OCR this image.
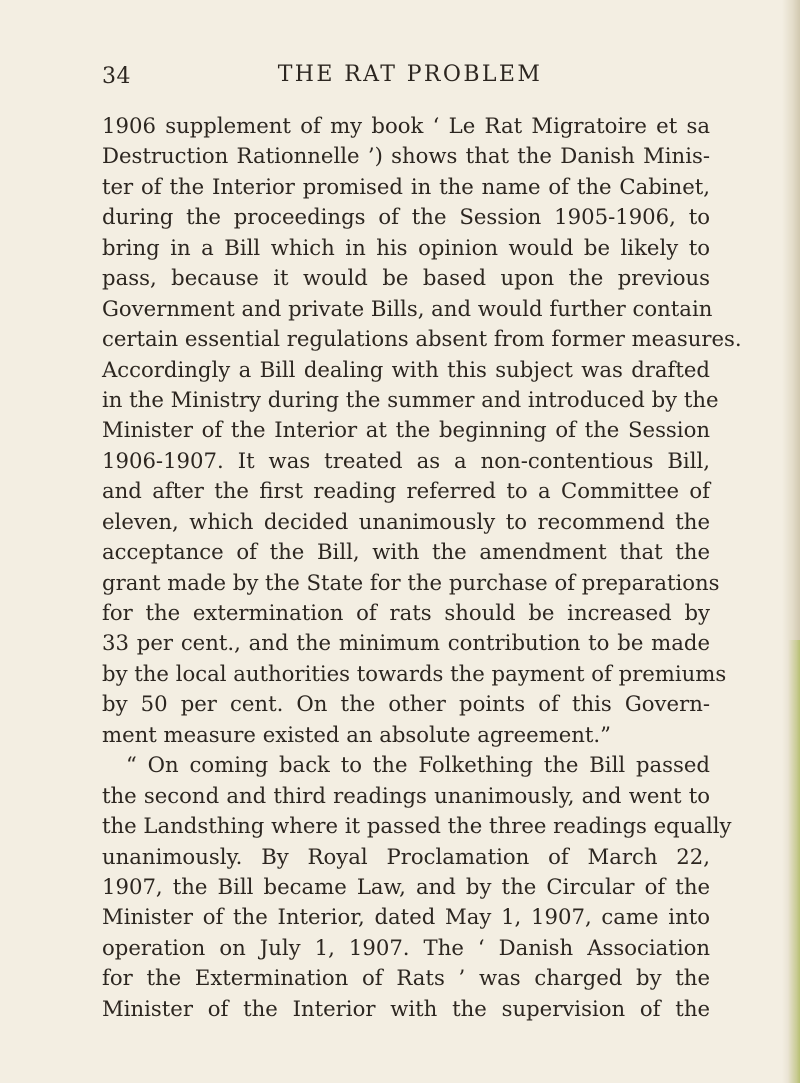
34	THE RAT PROBLEM
1906 supplement of my book ‘ Le Rat Migratoire et sa
Destruction Rationnelle ’) shows that the Danish Minis-
ter of the Interior promised in the name of the Cabinet,
during the proceedings of the Session 1905-1906, to
bring in a Bill which in his opinion would be likely to
pass, because it would be based upon the previous
Government and private Bills, and would further contain
certain essential regulations absent from former measures.
Accordingly a Bill dealing with this subject was drafted
in the Ministry during the summer and introduced by the
Minister of the Interior at the beginning of the Session
1906-1907. It was treated as a non-contentious Bill,
and after the first reading referred to a Committee of
eleven, which decided unanimously to recommend the
acceptance of the Bill, with the amendment that the
grant made by the State for the purchase of preparations
for the extermination of rats should be increased by
33 per cent., and the minimum contribution to be made
by the local authorities towards the payment of premiums
by 50 per cent. On the other points of this Govern-
ment measure existed an absolute agreement.”
“ On coming back to the Folkething the Bill passed
the second and third readings unanimously, and went to
the Landsthing where it passed the three readings equally
unanimously. By Royal Proclamation of March 22,
1907, the Bill became Law, and by the Circular of the
Minister of the Interior, dated May 1, 1907, came into
operation on July 1, 1907. The ‘ Danish Association
for the Extermination of Rats ’ was charged by the
Minister of the Interior with the supervision of the
